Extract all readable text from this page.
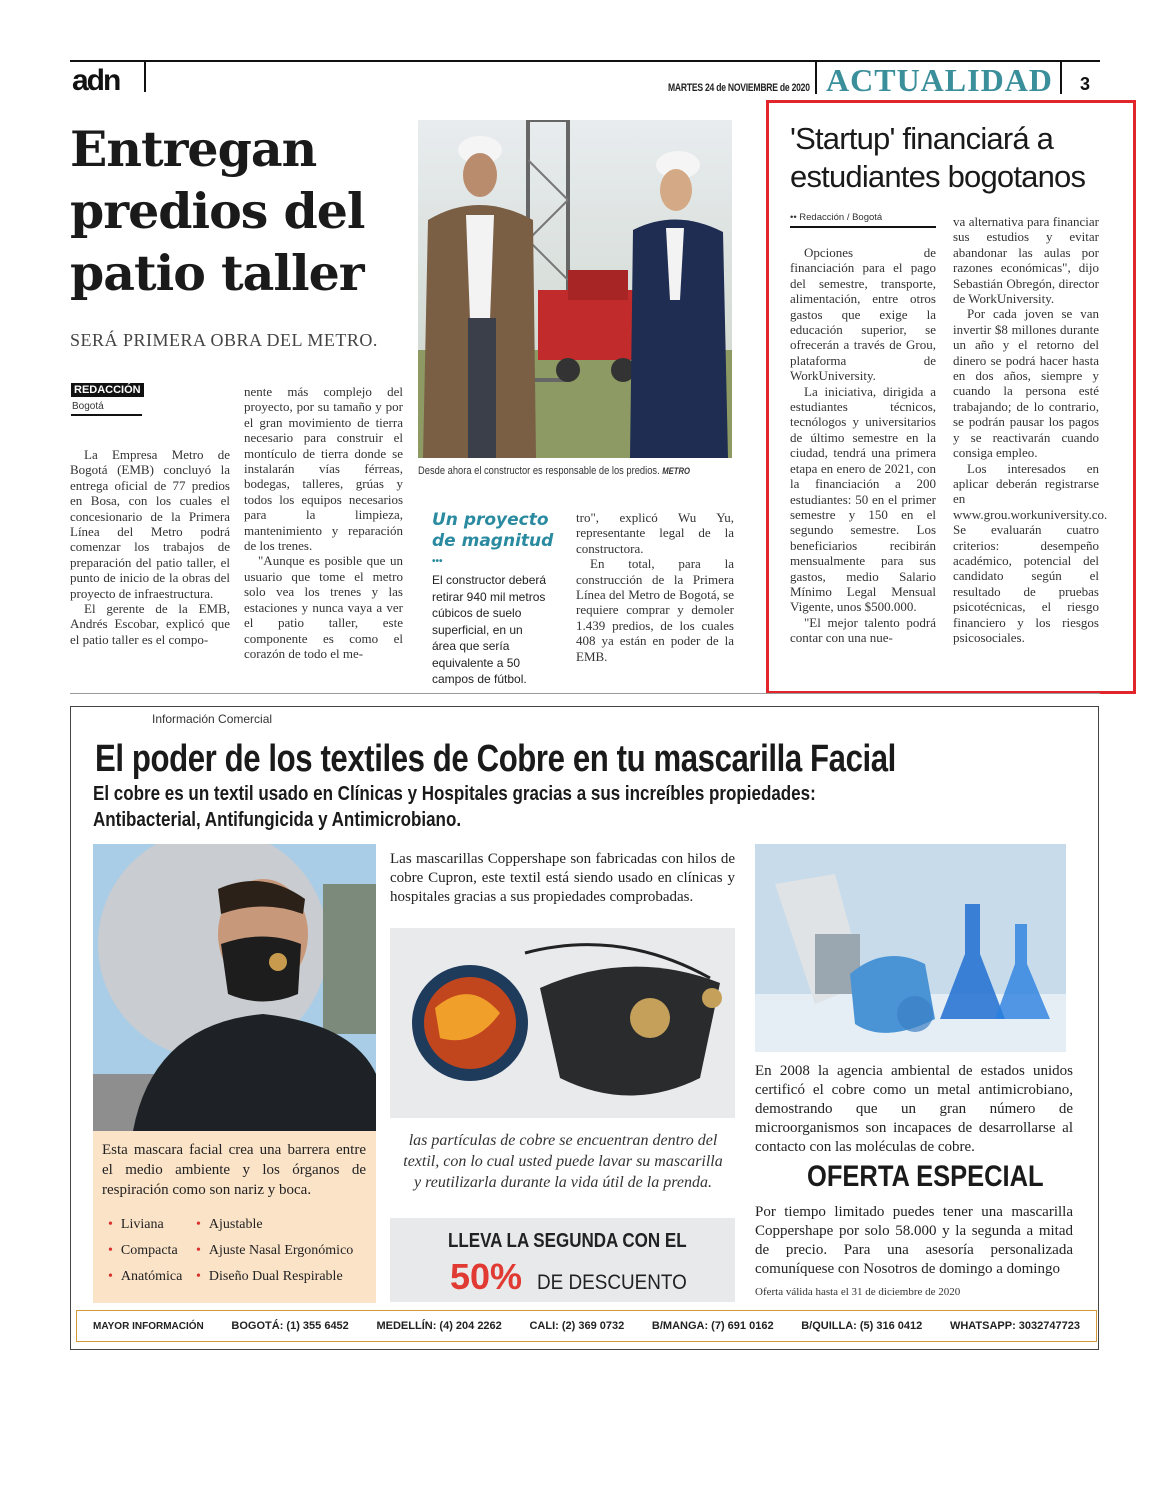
adn	MARTES 24 de NOVIEMBRE de 2020 ACTUALIDAD 3
Entregan
predios del
patio taller
SERÁ PRIMERA OBRA DEL METRO.
REDACCIÓN
Bogotá

La Empresa Metro de Bogotá (EMB) concluyó la entrega oficial de 77 predios en Bosa, con los cuales el concesionario de la Primera Línea del Metro podrá comenzar los trabajos de preparación del patio taller, el punto de inicio de la obras del proyecto de infraestructura.

El gerente de la EMB, Andrés Escobar, explicó que el patio taller es el compo-

nente más complejo del proyecto, por su tamaño y por el gran movimiento de tierra necesario para construir el montículo de tierra donde se instalarán vías férreas, bodegas, talleres, grúas y todos los equipos necesarios para la limpieza, mantenimiento y reparación de los trenes.

"Aunque es posible que un usuario que tome el metro solo vea los trenes y las estaciones y nunca vaya a ver el patio taller, este componente es como el corazón de todo el me-

Desde ahora el constructor es responsable de los predios. METRO
Un proyecto
de magnitud
•••
El constructor deberá retirar 940 mil metros cúbicos de suelo superficial, en un área que sería equivalente a 50 campos de fútbol.

tro", explicó Wu Yu, representante legal de la constructora.

En total, para la construcción de la Primera Línea del Metro de Bogotá, se requiere comprar y demoler 1.439 predios, de los cuales 408 ya están en poder de la EMB.

'Startup' financiará a estudiantes bogotanos
•• Redacción / Bogotá

Opciones de financiación para el pago del semestre, transporte, alimentación, entre otros gastos que exige la educación superior, se ofrecerán a través de Grou, plataforma de WorkUniversity.

La iniciativa, dirigida a estudiantes técnicos, tecnólogos y universitarios de último semestre en la ciudad, tendrá una primera etapa en enero de 2021, con la financiación a 200 estudiantes: 50 en el primer semestre y 150 en el segundo semestre. Los beneficiarios recibirán mensualmente para sus gastos, medio Salario Mínimo Legal Mensual Vigente, unos $500.000.

"El mejor talento podrá contar con una nue-

va alternativa para financiar sus estudios y evitar abandonar las aulas por razones económicas", dijo Sebastián Obregón, director de WorkUniversity.

Por cada joven se van invertir $8 millones durante un año y el retorno del dinero se podrá hacer hasta en dos años, siempre y cuando la persona esté trabajando; de lo contrario, se podrán pausar los pagos y se reactivarán cuando consiga empleo.

Los interesados en aplicar deberán registrarse en www.grou.workuniversity.co. Se evaluarán cuatro criterios: desempeño académico, potencial del candidato según el resultado de pruebas psicotécnicas, el riesgo financiero y los riesgos psicosociales.

Información Comercial
El poder de los textiles de Cobre en tu mascarilla Facial
El cobre es un textil usado en Clínicas y Hospitales gracias a sus increíbles propiedades:
Antibacterial, Antifungicida y Antimicrobiano.
Esta mascara facial crea una barrera entre el medio ambiente y los órganos de respiración como son nariz y boca.
• Liviana	• Ajustable
• Compacta	• Ajuste Nasal Ergonómico
• Anatómica • Diseño Dual Respirable
Las mascarillas Coppershape son fabricadas con hilos de cobre Cupron, este textil está siendo usado en clínicas y hospitales gracias a sus propiedades comprobadas.
las partículas de cobre se encuentran dentro del textil, con lo cual usted puede lavar su mascarilla y reutilizarla durante la vida útil de la prenda.
LLEVA LA SEGUNDA CON EL
50% DE DESCUENTO
En 2008 la agencia ambiental de estados unidos certificó el cobre como un metal antimicrobiano, demostrando que un gran número de microorganismos son incapaces de desarrollarse al contacto con las moléculas de cobre.
OFERTA ESPECIAL
Por tiempo limitado puedes tener una mascarilla Coppershape por solo 58.000 y la segunda a mitad de precio. Para una asesoría personalizada comuníquese con Nosotros de domingo a domingo
Oferta válida hasta el 31 de diciembre de 2020
MAYOR INFORMACIÓN	BOGOTÁ: (1) 355 6452	MEDELLÍN: (4) 204 2262	CALI: (2) 369 0732	B/MANGA: (7) 691 0162	B/QUILLA: (5) 316 0412	WHATSAPP: 3032747723
